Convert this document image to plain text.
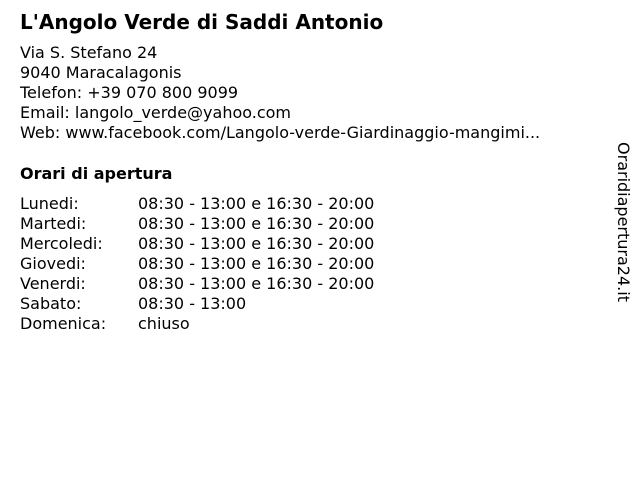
L'Angolo Verde di Saddi Antonio
Via S. Stefano 24
9040 Maracalagonis
Telefon: +39 070 800 9099
Email: langolo_verde@yahoo.com
Web: www.facebook.com/Langolo-verde-Giardinaggio-mangimi...
Orari di apertura
Lunedi:	08:30 - 13:00 e 16:30 - 20:00
Martedi:	08:30 - 13:00 e 16:30 - 20:00
Mercoledi: 08:30 - 13:00 e 16:30 - 20:00
Giovedi:	08:30 - 13:00 e 16:30 - 20:00
Venerdi:	08:30 - 13:00 e 16:30 - 20:00
Sabato:	08:30 - 13:00
Domenica: chiuso
Oraridiapertura24.it
